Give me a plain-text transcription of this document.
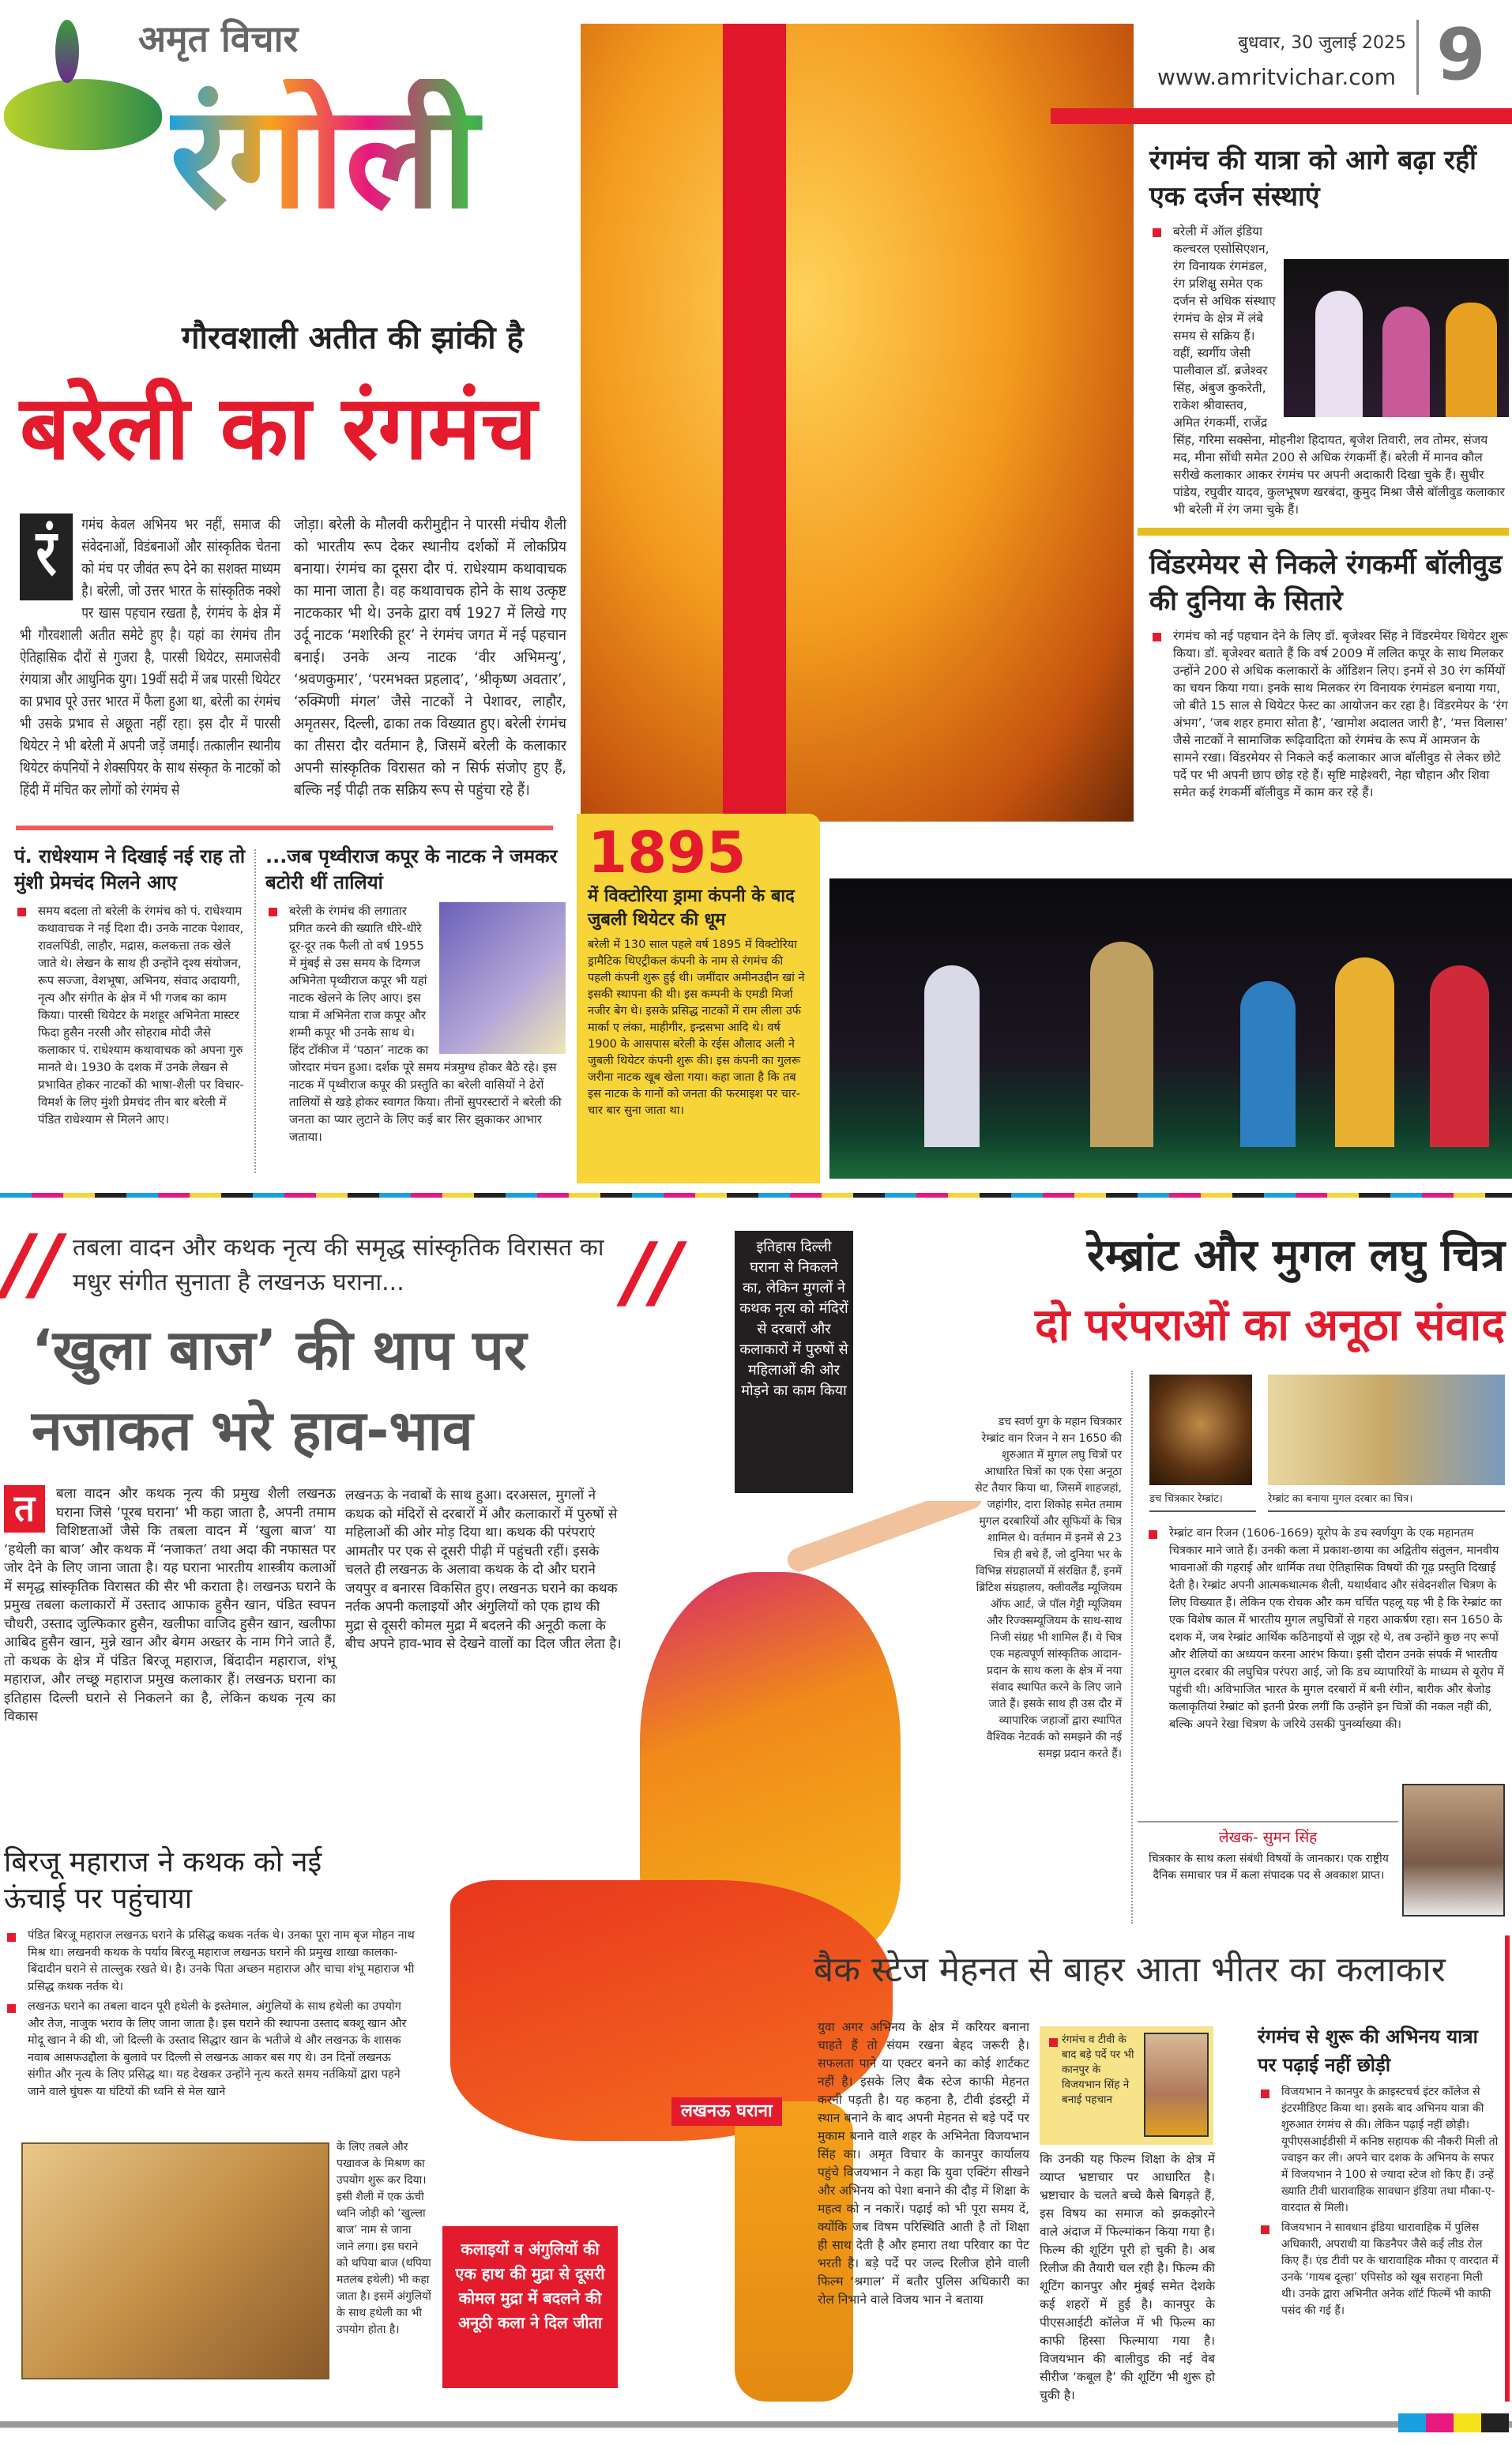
अमृत विचार
रंगोली
बुधवार, 30 जुलाई 2025
www.amritvichar.com 9
गौरवशाली अतीत की झांकी है
बरेली का रंगमंच
रं	गमंच केवल अभिनय भर नहीं, समाज की संवेदनाओं, विडंबनाओं और सांस्कृतिक चेतना को मंच पर जीवंत रूप देने का सशक्त माध्यम है। बरेली, जो उत्तर भारत के सांस्कृतिक नक्शे पर खास पहचान रखता है, रंगमंच के क्षेत्र में भी गौरवशाली अतीत समेटे हुए है। यहां का रंगमंच तीन ऐतिहासिक दौरों से गुजरा है, पारसी थियेटर, समाजसेवी रंगयात्रा और आधुनिक युग। 19वीं सदी में जब पारसी थियेटर का प्रभाव पूरे उत्तर भारत में फैला हुआ था, बरेली का रंगमंच भी उसके प्रभाव से अछूता नहीं रहा। इस दौर में पारसी थियेटर ने भी बरेली में अपनी जड़ें जमाईं। तत्कालीन स्थानीय थियेटर कंपनियों ने शेक्सपियर के साथ संस्कृत के नाटकों को हिंदी में मंचित कर लोगों को रंगमंच से
जोड़ा। बरेली के मौलवी करीमुद्दीन ने पारसी मंचीय शैली को भारतीय रूप देकर स्थानीय दर्शकों में लोकप्रिय बनाया। रंगमंच का दूसरा दौर पं. राधेश्याम कथावाचक का माना जाता है। वह कथावाचक होने के साथ उत्कृष्ट नाटककार भी थे। उनके द्वारा वर्ष 1927 में लिखे गए उर्दू नाटक ‘मशरिकी हूर’ ने रंगमंच जगत में नई पहचान बनाई। उनके अन्य नाटक ‘वीर अभिमन्यु’, ‘श्रवणकुमार’, ‘परमभक्त प्रहलाद’, ‘श्रीकृष्ण अवतार’, ‘रुक्मिणी मंगल’ जैसे नाटकों ने पेशावर, लाहौर, अमृतसर, दिल्ली, ढाका तक विख्यात हुए। बरेली रंगमंच का तीसरा दौर वर्तमान है, जिसमें बरेली के कलाकार अपनी सांस्कृतिक विरासत को न सिर्फ संजोए हुए हैं, बल्कि नई पीढ़ी तक सक्रिय रूप से पहुंचा रहे हैं।
रंगमंच की यात्रा को आगे बढ़ा रहीं एक दर्जन संस्थाएं
बरेली में ऑल इंडिया कल्चरल एसोसिएशन, रंग विनायक रंगमंडल, रंग प्रशिक्षु समेत एक दर्जन से अधिक संस्थाए रंगमंच के क्षेत्र में लंबे समय से सक्रिय हैं। वहीं, स्वर्गीय जेसी पालीवाल डॉ. ब्रजेश्वर सिंह, अंबुज कुकरेती, राकेश श्रीवास्तव, अमित रंगकर्मी, राजेंद्र सिंह, गरिमा सक्सेना, मोहनीश हिदायत, बृजेश तिवारी, लव तोमर, संजय मद, मीना सोंधी समेत 200 से अधिक रंगकर्मी हैं। बरेली में मानव कौल सरीखे कलाकार आकर रंगमंच पर अपनी अदाकारी दिखा चुके हैं। सुधीर पांडेय, रघुवीर यादव, कुलभूषण खरबंदा, कुमुद मिश्रा जैसे बॉलीवुड कलाकार भी बरेली में रंग जमा चुके हैं।
विंडरमेयर से निकले रंगकर्मी बॉलीवुड की दुनिया के सितारे
रंगमंच को नई पहचान देने के लिए डॉ. बृजेश्वर सिंह ने विंडरमेयर थियेटर शुरू किया। डॉ. बृजेश्वर बताते हैं कि वर्ष 2009 में ललित कपूर के साथ मिलकर उन्होंने 200 से अधिक कलाकारों के ऑडिशन लिए। इनमें से 30 रंग कर्मियों का चयन किया गया। इनके साथ मिलकर रंग विनायक रंगमंडल बनाया गया, जो बीते 15 साल से थियेटर फेस्ट का आयोजन कर रहा है। विंडरमेयर के ‘रंग अंभग’, ‘जब शहर हमारा सोता है’, ‘खामोश अदालत जारी है’, ‘मत्त विलास’ जैसे नाटकों ने सामाजिक रूढ़िवादिता को रंगमंच के रूप में आमजन के सामने रखा। विंडरमेयर से निकले कई कलाकार आज बॉलीवुड से लेकर छोटे पर्दे पर भी अपनी छाप छोड़ रहे हैं। सृष्टि माहेश्वरी, नेहा चौहान और शिवा समेत कई रंगकर्मी बॉलीवुड में काम कर रहे हैं।
पं. राधेश्याम ने दिखाई नई राह तो मुंशी प्रेमचंद मिलने आए
समय बदला तो बरेली के रंगमंच को पं. राधेश्याम कथावाचक ने नई दिशा दी। उनके नाटक पेशावर, रावलपिंडी, लाहौर, मद्रास, कलकत्ता तक खेले जाते थे। लेखन के साथ ही उन्होंने दृश्य संयोजन, रूप सज्जा, वेशभूषा, अभिनय, संवाद अदायगी, नृत्य और संगीत के क्षेत्र में भी गजब का काम किया। पारसी थियेटर के मशहूर अभिनेता मास्टर फिदा हुसैन नरसी और सोहराब मोदी जैसे कलाकार पं. राधेश्याम कथावाचक को अपना गुरु मानते थे। 1930 के दशक में उनके लेखन से प्रभावित होकर नाटकों की भाषा-शैली पर विचार-विमर्श के लिए मुंशी प्रेमचंद तीन बार बरेली में पंडित राधेश्याम से मिलने आए।
...जब पृथ्वीराज कपूर के नाटक ने जमकर बटोरी थीं तालियां
बरेली के रंगमंच की लगातार प्रगित करने की ख्याति धीरे-धीरे दूर-दूर तक फैली तो वर्ष 1955 में मुंबई से उस समय के दिग्गज अभिनेता पृथ्वीराज कपूर भी यहां नाटक खेलने के लिए आए। इस यात्रा में अभिनेता राज कपूर और शम्मी कपूर भी उनके साथ थे। हिंद टॉकीज में ‘पठान’ नाटक का जोरदार मंचन हुआ। दर्शक पूरे समय मंत्रमुग्ध होकर बैठे रहे। इस नाटक में पृथ्वीराज कपूर की प्रस्तुति का बरेली वासियों ने ढेरों तालियों से खड़े होकर स्वागत किया। तीनों सुपरस्टारों ने बरेली की जनता का प्यार लुटाने के लिए कई बार सिर झुकाकर आभार जताया।
1895
में विक्टोरिया ड्रामा कंपनी के बाद जुबली थियेटर की धूम
बरेली में 130 साल पहले वर्ष 1895 में विक्टोरिया ड्रामैटिक थिएट्रीकल कंपनी के नाम से रंगमंच की पहली कंपनी शुरू हुई थी। जमींदार अमीनउद्दीन खां ने इसकी स्थापना की थी। इस कम्पनी के एमडी मिर्जा नजीर बेग थे। इसके प्रसिद्ध नाटकों में राम लीला उर्फ मार्का ए लंका, माहीगीर, इन्द्रसभा आदि थे। वर्ष 1900 के आसपास बरेली के रईस औलाद अली ने जुबली थियेटर कंपनी शुरू की। इस कंपनी का गुलरू जरीना नाटक खूब खेला गया। कहा जाता है कि तब इस नाटक के गानों को जनता की फरमाइश पर चार-चार बार सुना जाता था।
// तबला वादन और कथक नृत्य की समृद्ध सांस्कृतिक विरासत का मधुर संगीत सुनाता है लखनऊ घराना...	//
‘खुला बाज’ की थाप पर
नजाकत भरे हाव-भाव
इतिहास दिल्ली घराना से निकलने का, लेकिन मुगलों ने कथक नृत्य को मंदिरों से दरबारों और कलाकारों में पुरुषों से महिलाओं की ओर मोड़ने का काम किया
लखनऊ घराना
त	बला वादन और कथक नृत्य की प्रमुख शैली लखनऊ घराना जिसे ‘पूरब घराना’ भी कहा जाता है, अपनी तमाम विशिष्टताओं जैसे कि तबला वादन में ‘खुला बाज’ या ‘हथेली का बाज’ और कथक में ‘नजाकत’ तथा अदा की नफासत पर जोर देने के लिए जाना जाता है। यह घराना भारतीय शास्त्रीय कलाओं में समृद्ध सांस्कृतिक विरासत की सैर भी कराता है। लखनऊ घराने के प्रमुख तबला कलाकारों में उस्ताद आफाक हुसैन खान, पंडित स्वपन चौधरी, उस्ताद जुल्फिकार हुसैन, खलीफा वाजिद हुसैन खान, खलीफा आबिद हुसैन खान, मुन्ने खान और बेगम अख्तर के नाम गिने जाते हैं, तो कथक के क्षेत्र में पंडित बिरजू महाराज, बिंदादीन महाराज, शंभू महाराज, और लच्छू महाराज प्रमुख कलाकार हैं। लखनऊ घराना का इतिहास दिल्ली घराने से निकलने का है, लेकिन कथक नृत्य का विकास
लखनऊ के नवाबों के साथ हुआ। दरअसल, मुगलों ने कथक को मंदिरों से दरबारों में और कलाकारों में पुरुषों से महिलाओं की ओर मोड़ दिया था। कथक की परंपराएं आमतौर पर एक से दूसरी पीढ़ी में पहुंचती रहीं। इसके चलते ही लखनऊ के अलावा कथक के दो और घराने जयपुर व बनारस विकसित हुए। लखनऊ घराने का कथक नर्तक अपनी कलाइयों और अंगुलियों को एक हाथ की मुद्रा से दूसरी कोमल मुद्रा में बदलने की अनूठी कला के बीच अपने हाव-भाव से देखने वालों का दिल जीत लेता है।
बिरजू महाराज ने कथक को नई ऊंचाई पर पहुंचाया
पंडित बिरजू महाराज लखनऊ घराने के प्रसिद्ध कथक नर्तक थे। उनका पूरा नाम बृज मोहन नाथ मिश्र था। लखनवी कथक के पर्याय बिरजू महाराज लखनऊ घराने की प्रमुख शाखा कालका-बिंदादीन घराने से ताल्लुक रखते थे। है। उनके पिता अच्छन महाराज और चाचा शंभू महाराज भी प्रसिद्ध कथक नर्तक थे।
लखनऊ घराने का तबला वादन पूरी हथेली के इस्तेमाल, अंगुलियों के साथ हथेली का उपयोग और तेज, नाजुक भराव के लिए जाना जाता है। इस घराने की स्थापना उस्ताद बक्शू खान और मोदू खान ने की थी, जो दिल्ली के उस्ताद सिद्धार खान के भतीजे थे और लखनऊ के शासक नवाब आसफउद्दौला के बुलावे पर दिल्ली से लखनऊ आकर बस गए थे। उन दिनों लखनऊ संगीत और नृत्य के लिए प्रसिद्ध था। यह देखकर उन्होंने नृत्य करते समय नर्तकियों द्वारा पहने जाने वाले घुंघरू या घंटियों की ध्वनि से मेल खाने
के लिए तबले और पखावज के मिश्रण का उपयोग शुरू कर दिया। इसी शैली में एक ऊंची ध्वनि जोड़ी को ‘खुल्ला बाज’ नाम से जाना जाने लगा। इस घराने को थपिया बाज (थपिया मतलब हथेली) भी कहा जाता है। इसमें अंगुलियों के साथ हथेली का भी उपयोग होता है।
कलाइयों व अंगुलियों की एक हाथ की मुद्रा से दूसरी कोमल मुद्रा में बदलने की अनूठी कला ने दिल जीता
रेम्ब्रांट और मुगल लघु चित्र
दो परंपराओं का अनूठा संवाद
डच स्वर्ण युग के महान चित्रकार रेम्ब्रांट वान रिजन ने सन 1650 की शुरुआत में मुगल लघु चित्रों पर आधारित चित्रों का एक ऐसा अनूठा सेट तैयार किया था, जिसमें शाहजहां, जहांगीर, दारा शिकोह समेत तमाम मुगल दरबारियों और सूफियों के चित्र शामिल थे। वर्तमान में इनमें से 23 चित्र ही बचे हैं, जो दुनिया भर के विभिन्न संग्रहालयों में संरक्षित हैं, इनमें ब्रिटिश संग्रहालय, क्लीवलैंड म्यूजियम ऑफ आर्ट, जे पॉल गेट्टी म्यूजियम और रिज्क्सम्यूजियम के साथ-साथ निजी संग्रह भी शामिल हैं। ये चित्र एक महत्वपूर्ण सांस्कृतिक आदान-प्रदान के साथ कला के क्षेत्र में नया संवाद स्थापित करने के लिए जाने जाते हैं। इसके साथ ही उस दौर में व्यापारिक जहाजों द्वारा स्थापित वैश्विक नेटवर्क को समझने की नई समझ प्रदान करते हैं।
डच चित्रकार रेम्ब्रांट।	रेम्ब्रांट का बनाया मुगल दरबार का चित्र।
रेम्ब्रांट वान रिजन (1606-1669) यूरोप के डच स्वर्णयुग के एक महानतम चित्रकार माने जाते हैं। उनकी कला में प्रकाश-छाया का अद्वितीय संतुलन, मानवीय भावनाओं की गहराई और धार्मिक तथा ऐतिहासिक विषयों की गूढ़ प्रस्तुति दिखाई देती है। रेम्ब्रांट अपनी आत्मकथात्मक शैली, यथार्थवाद और संवेदनशील चित्रण के लिए विख्यात हैं। लेकिन एक रोचक और कम चर्चित पहलू यह भी है कि रेम्ब्रांट का एक विशेष काल में भारतीय मुगल लघुचित्रों से गहरा आकर्षण रहा। सन 1650 के दशक में, जब रेम्ब्रांट आर्थिक कठिनाइयों से जूझ रहे थे, तब उन्होंने कुछ नए रूपों और शैलियों का अध्ययन करना आरंभ किया। इसी दौरान उनके संपर्क में भारतीय मुगल दरबार की लघुचित्र परंपरा आई, जो कि डच व्यापारियों के माध्यम से यूरोप में पहुंची थी। अविभाजित भारत के मुगल दरबारों में बनी रंगीन, बारीक और बेजोड़ कलाकृतियां रेम्ब्रांट को इतनी प्रेरक लगीं कि उन्होंने इन चित्रों की नकल नहीं की, बल्कि अपने रेखा चित्रण के जरिये उसकी पुनर्व्याख्या की।
लेखक- सुमन सिंह
चित्रकार के साथ कला संबंधी विषयों के जानकार। एक राष्ट्रीय दैनिक समाचार पत्र में कला संपादक पद से अवकाश प्राप्त।
बैक स्टेज मेहनत से बाहर आता भीतर का कलाकार
युवा अगर अभिनय के क्षेत्र में करियर बनाना चाहते हैं तो संयम रखना बेहद जरूरी है। सफलता पाने या एक्टर बनने का कोई शार्टकट नहीं है। इसके लिए बैक स्टेज काफी मेहनत करनी पड़ती है। यह कहना है, टीवी इंडस्ट्री में स्थान बनाने के बाद अपनी मेहनत से बड़े पर्दे पर मुकाम बनाने वाले शहर के अभिनेता विजयभान सिंह का। अमृत विचार के कानपुर कार्यालय पहुंचे विजयभान ने कहा कि युवा एक्टिंग सीखने और अभिनय को पेशा बनाने की दौड़ में शिक्षा के महत्व को न नकारें। पढ़ाई को भी पूरा समय दें, क्योंकि जब विषम परिस्थिति आती है तो शिक्षा ही साथ देती है और हमारा तथा परिवार का पेट भरती है। बड़े पर्दे पर जल्द रिलीज होने वाली फिल्म ‘श्रगाल’ में बतौर पुलिस अधिकारी का रोल निभाने वाले विजय भान ने बताया
रंगमंच व टीवी के बाद बड़े पर्दे पर भी कानपुर के विजयभान सिंह ने बनाई पहचान
कि उनकी यह फिल्म शिक्षा के क्षेत्र में व्याप्त भ्रष्टाचार पर आधारित है। भ्रष्टाचार के चलते बच्चे कैसे बिगड़ते हैं, इस विषय का समाज को झकझोरने वाले अंदाज में फिल्मांकन किया गया है। फिल्म की शूटिंग पूरी हो चुकी है। अब रिलीज की तैयारी चल रही है। फिल्म की शूटिंग कानपुर और मुंबई समेत देशके कई शहरों में हुई है। कानपुर के पीएसआईटी कॉलेज में भी फिल्म का काफी हिस्सा फिल्माया गया है। विजयभान की बालीवुड की नई वेब सीरीज ‘कबूल है’ की शूटिंग भी शुरू हो चुकी है।
रंगमंच से शुरू की अभिनय यात्रा पर पढ़ाई नहीं छोड़ी
विजयभान ने कानपुर के क्राइस्टचर्च इंटर कॉलेज से इंटरमीडिएट किया था। इसके बाद अभिनय यात्रा की शुरुआत रंगमंच से की। लेकिन पढ़ाई नहीं छोड़ी। यूपीएसआईडीसी में कनिष्ठ सहायक की नौकरी मिली तो ज्वाइन कर ली। अपने चार दशक के अभिनय के सफर में विजयभान ने 100 से ज्यादा स्टेज शो किए हैं। उन्हें ख्याति टीवी धारावाहिक सावधान इंडिया तथा मौका-ए-वारदात से मिली।
विजयभान ने सावधान इंडिया धारावाहिक में पुलिस अधिकारी, अपराधी या किडनैपर जैसे कई लीड रोल किए हैं। एंड टीवी पर के धारावाहिक मौका ए वारदात में उनके ‘गायब दूल्हा’ एपिसोड को खूब सराहना मिली थी। उनके द्वारा अभिनीत अनेक शॉर्ट फिल्में भी काफी पसंद की गई हैं।
